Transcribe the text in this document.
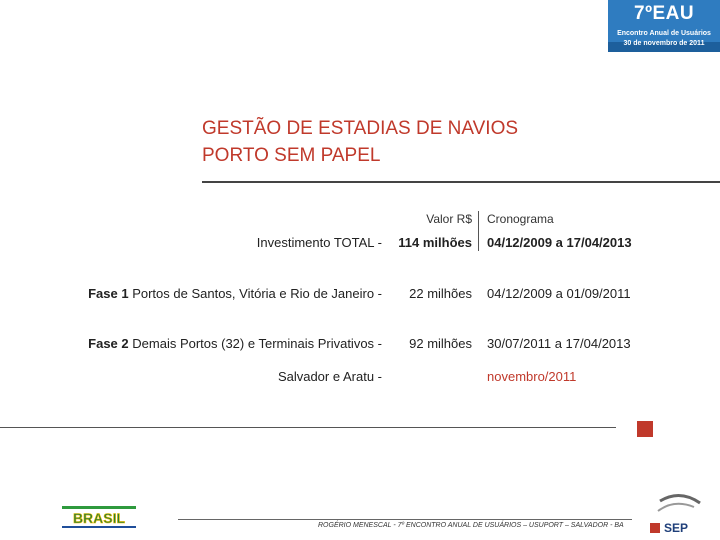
7ºEAU
Encontro Anual de Usuários
30 de novembro de 2011
GESTÃO DE ESTADIAS DE NAVIOS
PORTO SEM PAPEL
Valor R$ Cronograma
Investimento TOTAL -	114 milhões 04/12/2009 a 17/04/2013
Fase 1 Portos de Santos, Vitória e Rio de Janeiro -	22 milhões 04/12/2009 a 01/09/2011
Fase 2 Demais Portos (32) e Terminais Privativos -	92 milhões 30/07/2011 a 17/04/2013
Salvador e Aratu -	novembro/2011
BRASIL	ROGÉRIO MENESCAL - 7º ENCONTRO ANUAL DE USUÁRIOS – USUPORT – SALVADOR - BA	SEP
